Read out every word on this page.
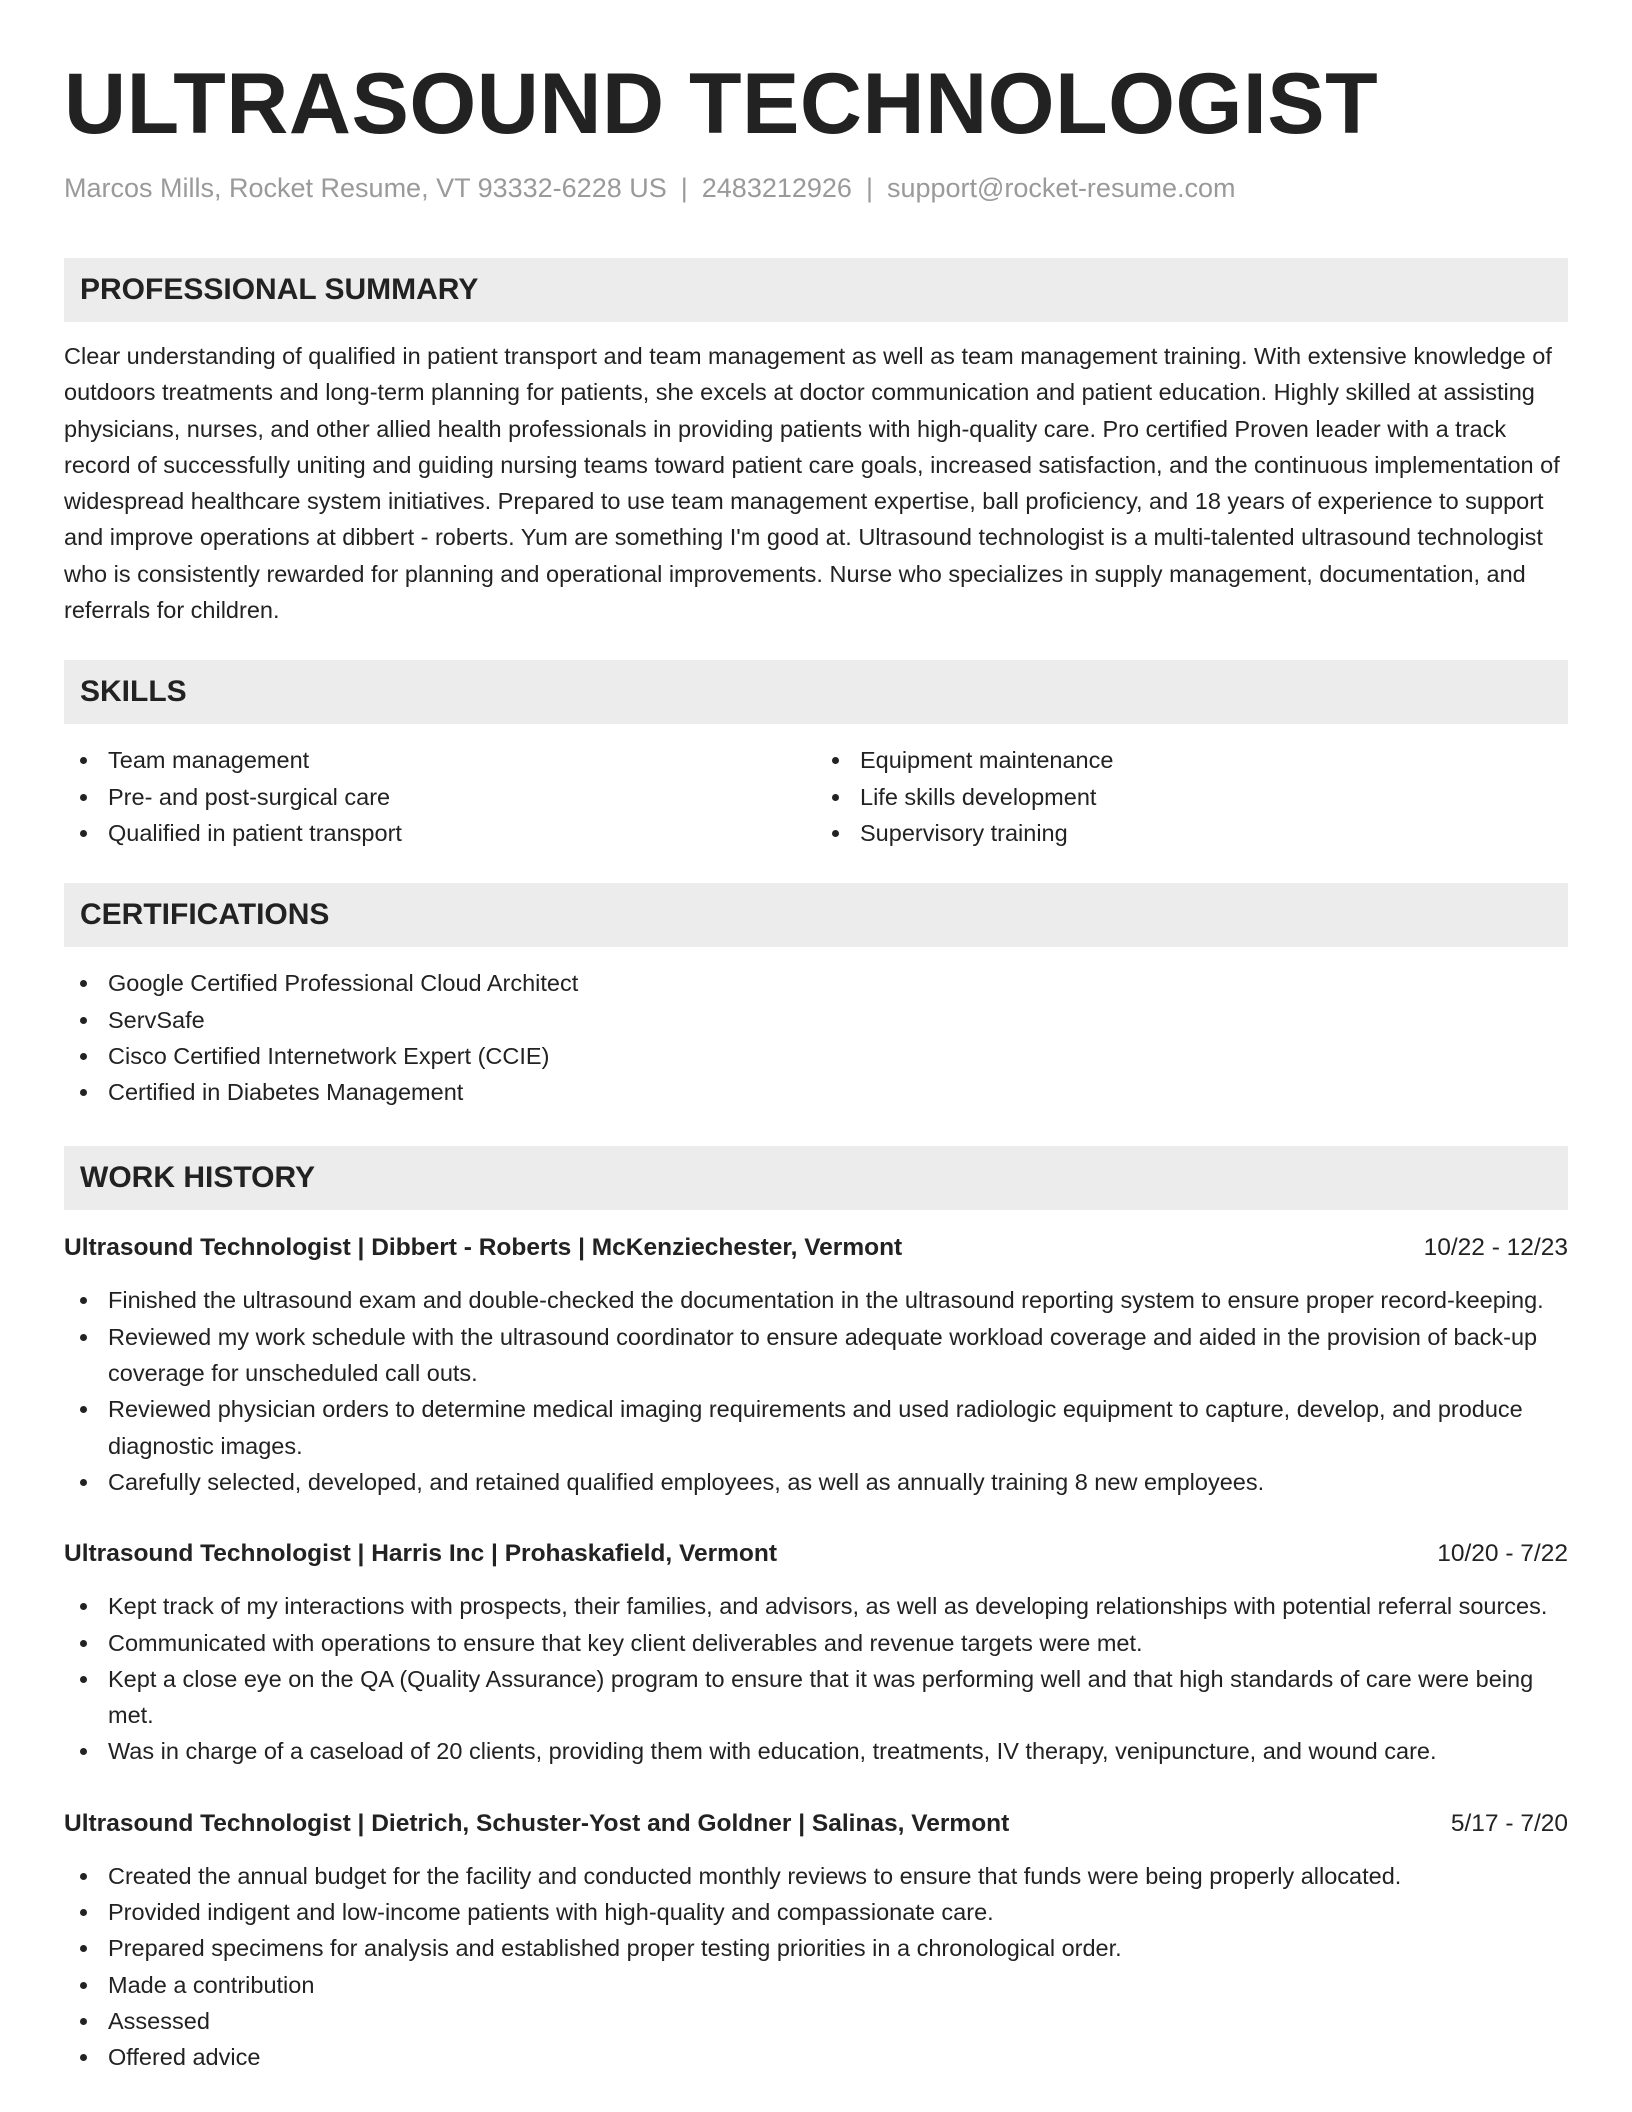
ULTRASOUND TECHNOLOGIST
Marcos Mills, Rocket Resume, VT 93332-6228 US | 2483212926 | support@rocket-resume.com
PROFESSIONAL SUMMARY

Clear understanding of qualified in patient transport and team management as well as team management training. With extensive knowledge of outdoors treatments and long-term planning for patients, she excels at doctor communication and patient education. Highly skilled at assisting physicians, nurses, and other allied health professionals in providing patients with high-quality care. Pro certified Proven leader with a track record of successfully uniting and guiding nursing teams toward patient care goals, increased satisfaction, and the continuous implementation of widespread healthcare system initiatives. Prepared to use team management expertise, ball proficiency, and 18 years of experience to support and improve operations at dibbert - roberts. Yum are something I'm good at. Ultrasound technologist is a multi-talented ultrasound technologist who is consistently rewarded for planning and operational improvements. Nurse who specializes in supply management, documentation, and referrals for children.

SKILLS
Team management
Pre- and post-surgical care
Qualified in patient transport
Equipment maintenance
Life skills development
Supervisory training
CERTIFICATIONS
Google Certified Professional Cloud Architect
ServSafe
Cisco Certified Internetwork Expert (CCIE)
Certified in Diabetes Management
WORK HISTORY
Ultrasound Technologist | Dibbert - Roberts | McKenziechester, Vermont	10/22 - 12/23
Finished the ultrasound exam and double-checked the documentation in the ultrasound reporting system to ensure proper record-keeping.
Reviewed my work schedule with the ultrasound coordinator to ensure adequate workload coverage and aided in the provision of back-up coverage for unscheduled call outs.
Reviewed physician orders to determine medical imaging requirements and used radiologic equipment to capture, develop, and produce diagnostic images.
Carefully selected, developed, and retained qualified employees, as well as annually training 8 new employees.
Ultrasound Technologist | Harris Inc | Prohaskafield, Vermont	10/20 - 7/22
Kept track of my interactions with prospects, their families, and advisors, as well as developing relationships with potential referral sources.
Communicated with operations to ensure that key client deliverables and revenue targets were met.
Kept a close eye on the QA (Quality Assurance) program to ensure that it was performing well and that high standards of care were being met.
Was in charge of a caseload of 20 clients, providing them with education, treatments, IV therapy, venipuncture, and wound care.
Ultrasound Technologist | Dietrich, Schuster-Yost and Goldner | Salinas, Vermont	5/17 - 7/20
Created the annual budget for the facility and conducted monthly reviews to ensure that funds were being properly allocated.
Provided indigent and low-income patients with high-quality and compassionate care.
Prepared specimens for analysis and established proper testing priorities in a chronological order.
Made a contribution
Assessed
Offered advice
